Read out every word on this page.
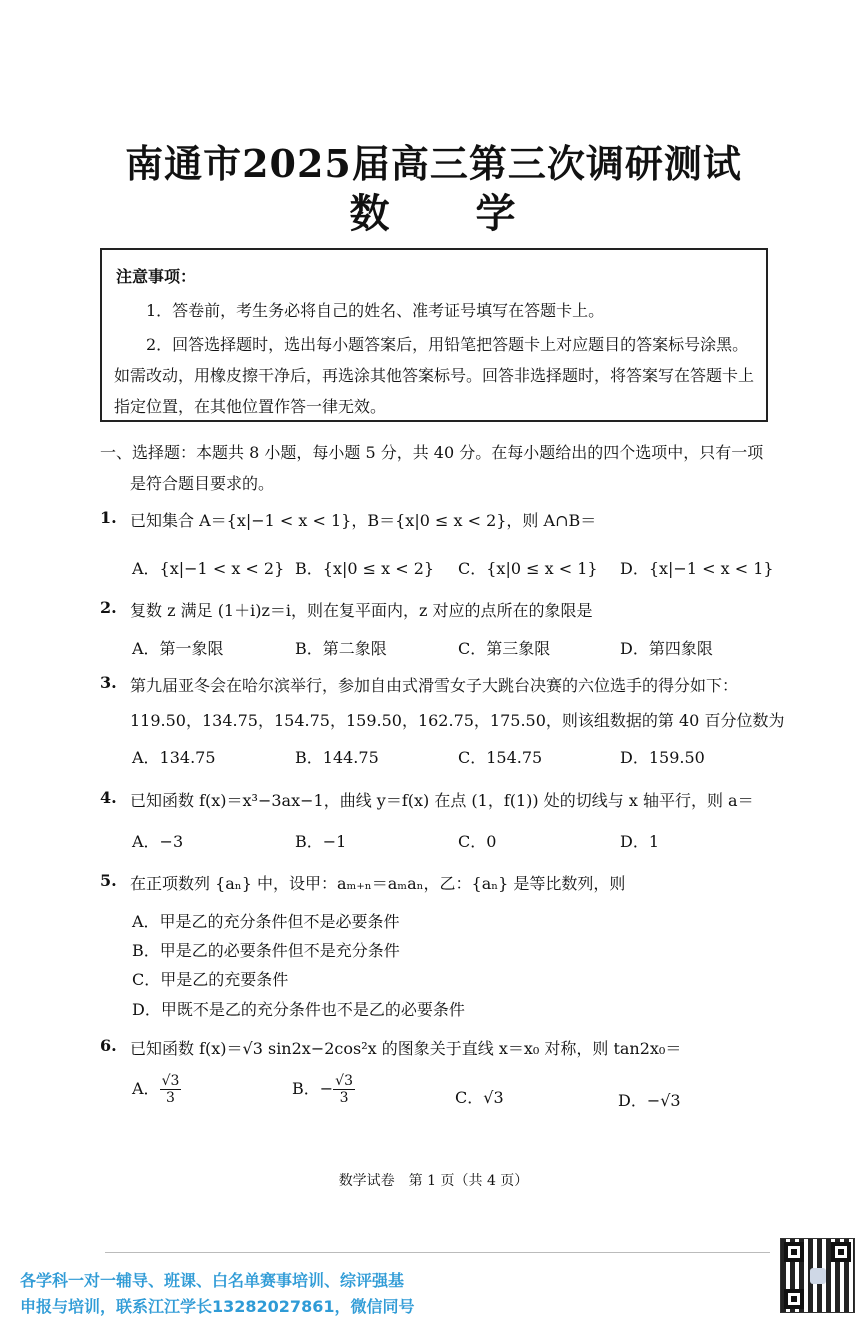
南通市2025届高三第三次调研测试
数　　学
注意事项：
1．答卷前，考生务必将自己的姓名、准考证号填写在答题卡上。
2．回答选择题时，选出每小题答案后，用铅笔把答题卡上对应题目的答案标号涂黑。
如需改动，用橡皮擦干净后，再选涂其他答案标号。回答非选择题时，将答案写在答题卡上
指定位置，在其他位置作答一律无效。
一、选择题：本题共 8 小题，每小题 5 分，共 40 分。在每小题给出的四个选项中，只有一项
是符合题目要求的。
1. 已知集合 A＝{x|−1 < x < 1}，B＝{x|0 ≤ x < 2}，则 A∩B＝
A．{x|−1 < x < 2} B．{x|0 ≤ x < 2} C．{x|0 ≤ x < 1} D．{x|−1 < x < 1}
2. 复数 z 满足 (1＋i)z＝i，则在复平面内，z 对应的点所在的象限是
A．第一象限	B．第二象限	C．第三象限	D．第四象限
3. 第九届亚冬会在哈尔滨举行，参加自由式滑雪女子大跳台决赛的六位选手的得分如下：
119.50，134.75，154.75，159.50，162.75，175.50，则该组数据的第 40 百分位数为
A．134.75	B．144.75	C．154.75	D．159.50
4. 已知函数 f(x)＝x³−3ax−1，曲线 y＝f(x) 在点 (1，f(1)) 处的切线与 x 轴平行，则 a＝
A．−3	B．−1	C．0	D．1
5. 在正项数列 {aₙ} 中，设甲：aₘ₊ₙ＝aₘaₙ，乙：{aₙ} 是等比数列，则
A．甲是乙的充分条件但不是必要条件
B．甲是乙的必要条件但不是充分条件
C．甲是乙的充要条件
D．甲既不是乙的充分条件也不是乙的必要条件
6. 已知函数 f(x)＝√3 sin2x−2cos²x 的图象关于直线 x＝x₀ 对称，则 tan2x₀＝
A． $\frac{√3}{3}$	B．− $\frac{√3}{3}$	C．√3	D．−√3
数学试卷　第 1 页（共 4 页）
各学科一对一辅导、班课、白名单赛事培训、综评强基
申报与培训，联系江江学长13282027861，微信同号
